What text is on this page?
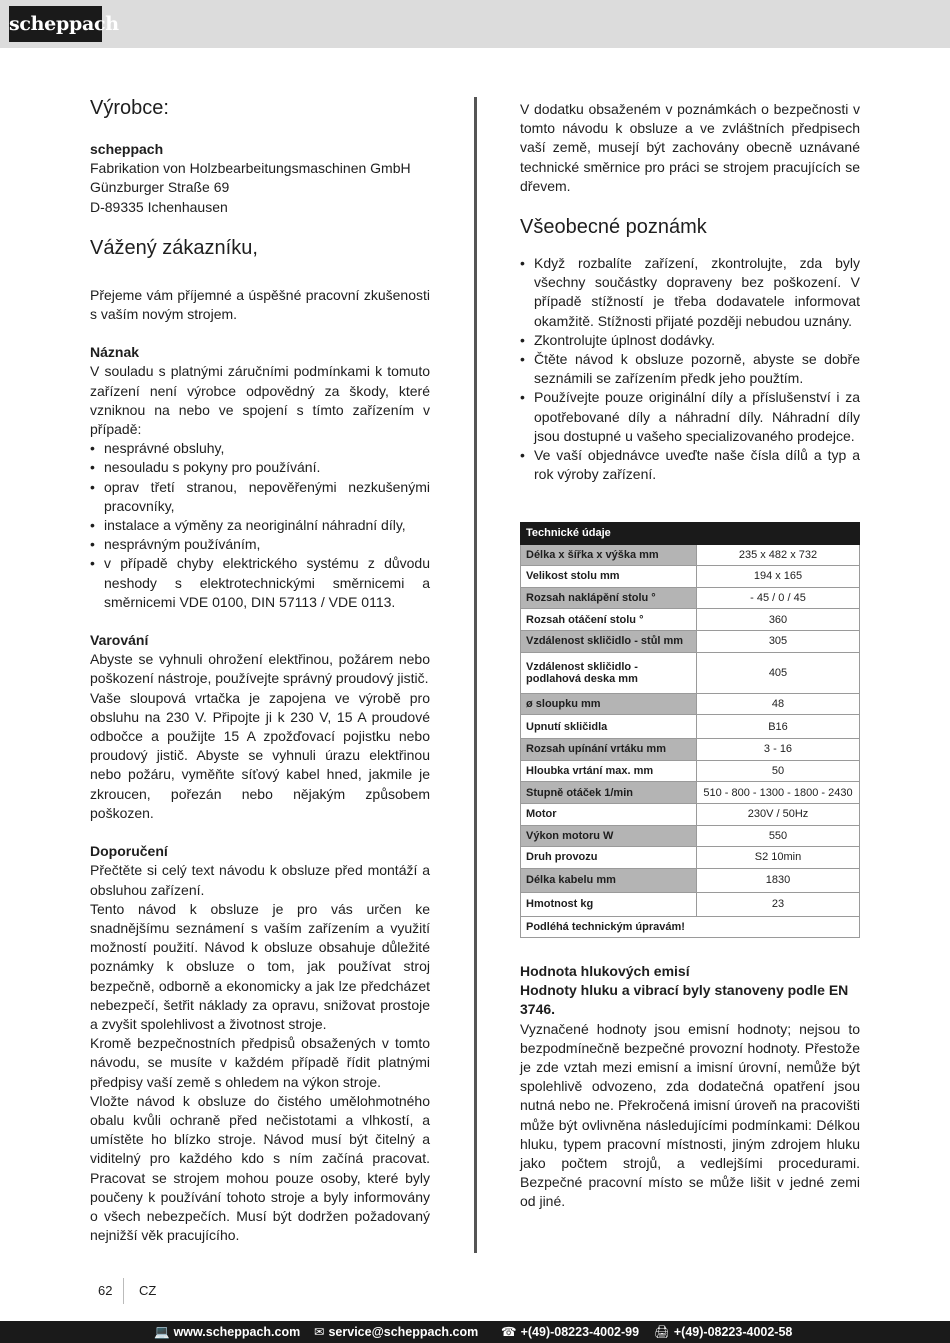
scheppach
Výrobce:

scheppach

Fabrikation von Holzbearbeitungsmaschinen GmbH

Günzburger Straße 69

D-89335 Ichenhausen

Vážený zákazníku,

Přejeme vám příjemné a úspěšné pracovní zkušenosti s vaším novým strojem.

Náznak

V souladu s platnými záručními podmínkami k tomuto zařízení není výrobce odpovědný za škody, které vzniknou na nebo ve spojení s tímto zařízením v případě:

• nesprávné obsluhy,
• nesouladu s pokyny pro používání.
• oprav třetí stranou, nepověřenými nezkušenými pracovníky,
• instalace a výměny za neoriginální náhradní díly,
• nesprávným používáním,
• v případě chyby elektrického systému z důvodu neshody s elektrotechnickými směrnicemi a směrnicemi VDE 0100, DIN 57113 / VDE 0113.

Varování

Abyste se vyhnuli ohrožení elektřinou, požárem nebo poškození nástroje, používejte správný proudový jistič.

Vaše sloupová vrtačka je zapojena ve výrobě pro obsluhu na 230 V. Připojte ji k 230 V, 15 A proudové odbočce a použijte 15 A zpožďovací pojistku nebo proudový jistič. Abyste se vyhnuli úrazu elektřinou nebo požáru, vyměňte síťový kabel hned, jakmile je zkroucen, pořezán nebo nějakým způsobem poškozen.

Doporučení

Přečtěte si celý text návodu k obsluze před montáží a obsluhou zařízení.

Tento návod k obsluze je pro vás určen ke snadnějšímu seznámení s vaším zařízením a využití možností použití. Návod k obsluze obsahuje důležité poznámky k obsluze o tom, jak používat stroj bezpečně, odborně a ekonomicky a jak lze předcházet nebezpečí, šetřit náklady za opravu, snižovat prostoje a zvyšit spolehlivost a životnost stroje.

Kromě bezpečnostních předpisů obsažených v tomto návodu, se musíte v každém případě řídit platnými předpisy vaší země s ohledem na výkon stroje.

Vložte návod k obsluze do čistého umělohmotného obalu kvůli ochraně před nečistotami a vlhkostí, a umístěte ho blízko stroje. Návod musí být čitelný a viditelný pro každého kdo s ním začíná pracovat. Pracovat se strojem mohou pouze osoby, které byly poučeny k používání tohoto stroje a byly informovány o všech nebezpečích. Musí být dodržen požadovaný nejnižší věk pracujícího.

V dodatku obsaženém v poznámkách o bezpečnosti v tomto návodu k obsluze a ve zvláštních předpisech vaší země, musejí být zachovány obecně uznávané technické směrnice pro práci se strojem pracujících se dřevem.

Všeobecné poznámk
• Když rozbalíte zařízení, zkontrolujte, zda byly všechny součástky dopraveny bez poškození. V případě stížností je třeba dodavatele informovat okamžitě. Stížnosti přijaté později nebudou uznány.
• Zkontrolujte úplnost dodávky.
• Čtěte návod k obsluze pozorně, abyste se dobře seznámili se zařízením předk jeho použtím.
• Používejte pouze originální díly a příslušenství i za opotřebované díly a náhradní díly. Náhradní díly jsou dostupné u vašeho specializovaného prodejce.
• Ve vaší objednávce uveďte naše čísla dílů a typ a rok výroby zařízení.
Technické údaje	
Délka x šířka x výška mm	235 x 482 x 732
Velikost stolu mm	194 x 165
Rozsah naklápění stolu °	- 45 / 0 / 45
Rozsah otáčení stolu °	360
Vzdálenost skličidlo - stůl mm	305
Vzdálenost skličidlo - podlahová deska mm	405
ø sloupku mm	48
Upnutí skličidla	B16
Rozsah upínání vrtáku mm	3 - 16
Hloubka vrtání max. mm	50
Stupně otáček 1/min	510 - 800 - 1300 - 1800 - 2430
Motor	230V / 50Hz
Výkon motoru W	550
Druh provozu	S2 10min
Délka kabelu mm	1830
Hmotnost kg	23
Podléhá technickým úpravám!	

Hodnota hlukových emisí

Hodnoty hluku a vibrací byly stanoveny podle EN 3746.

Vyznačené hodnoty jsou emisní hodnoty; nejsou to bezpodmínečně bezpečné provozní hodnoty. Přestože je zde vztah mezi emisní a imisní úrovní, nemůže být spolehlivě odvozeno, zda dodatečná opatření jsou nutná nebo ne. Překročená imisní úroveň na pracovišti může být ovlivněna následujícími podmínkami: Délkou hluku, typem pracovní místnosti, jiným zdrojem hluku jako počtem strojů, a vedlejšími procedurami. Bezpečné pracovní místo se může lišit v jedné zemi od jiné.

62 CZ
💻 www.scheppach.com ✉ service@scheppach.com ☎ +(49)-08223-4002-99 🖨 +(49)-08223-4002-58
